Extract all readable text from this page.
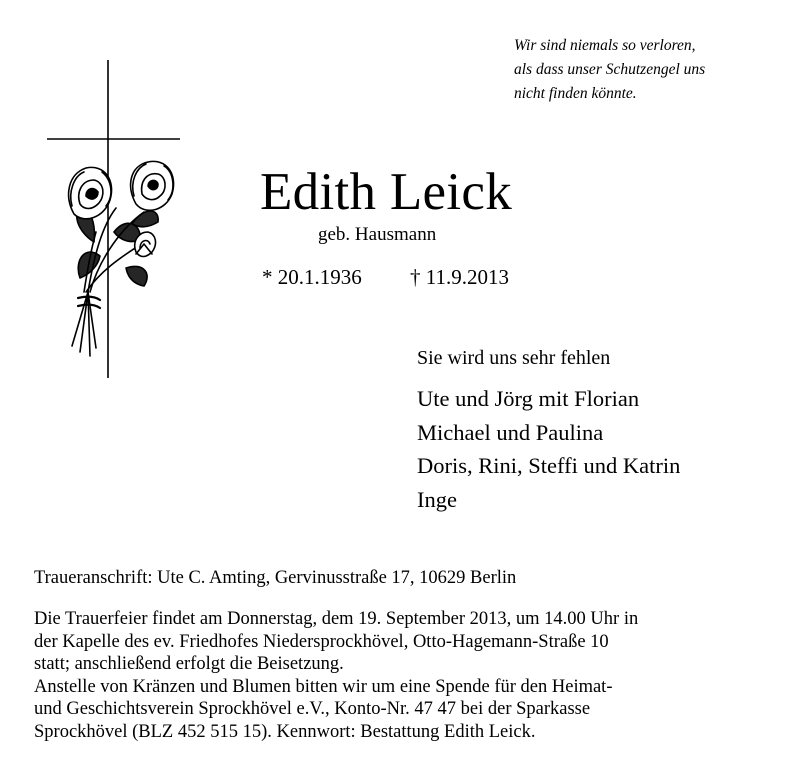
Wir sind niemals so verloren,
als dass unser Schutzengel uns
nicht finden könnte.
Edith Leick
geb. Hausmann
* 20.1.1936 † 11.9.2013
Sie wird uns sehr fehlen
Ute und Jörg mit Florian
Michael und Paulina
Doris, Rini, Steffi und Katrin
Inge
Traueranschrift: Ute C. Amting, Gervinusstraße 17, 10629 Berlin
Die Trauerfeier findet am Donnerstag, dem 19. September 2013, um 14.00 Uhr in
der Kapelle des ev. Friedhofes Niedersprockhövel, Otto-Hagemann-Straße 10
statt; anschließend erfolgt die Beisetzung.
Anstelle von Kränzen und Blumen bitten wir um eine Spende für den Heimat-
und Geschichtsverein Sprockhövel e.V., Konto-Nr. 47 47 bei der Sparkasse
Sprockhövel (BLZ 452 515 15). Kennwort: Bestattung Edith Leick.
